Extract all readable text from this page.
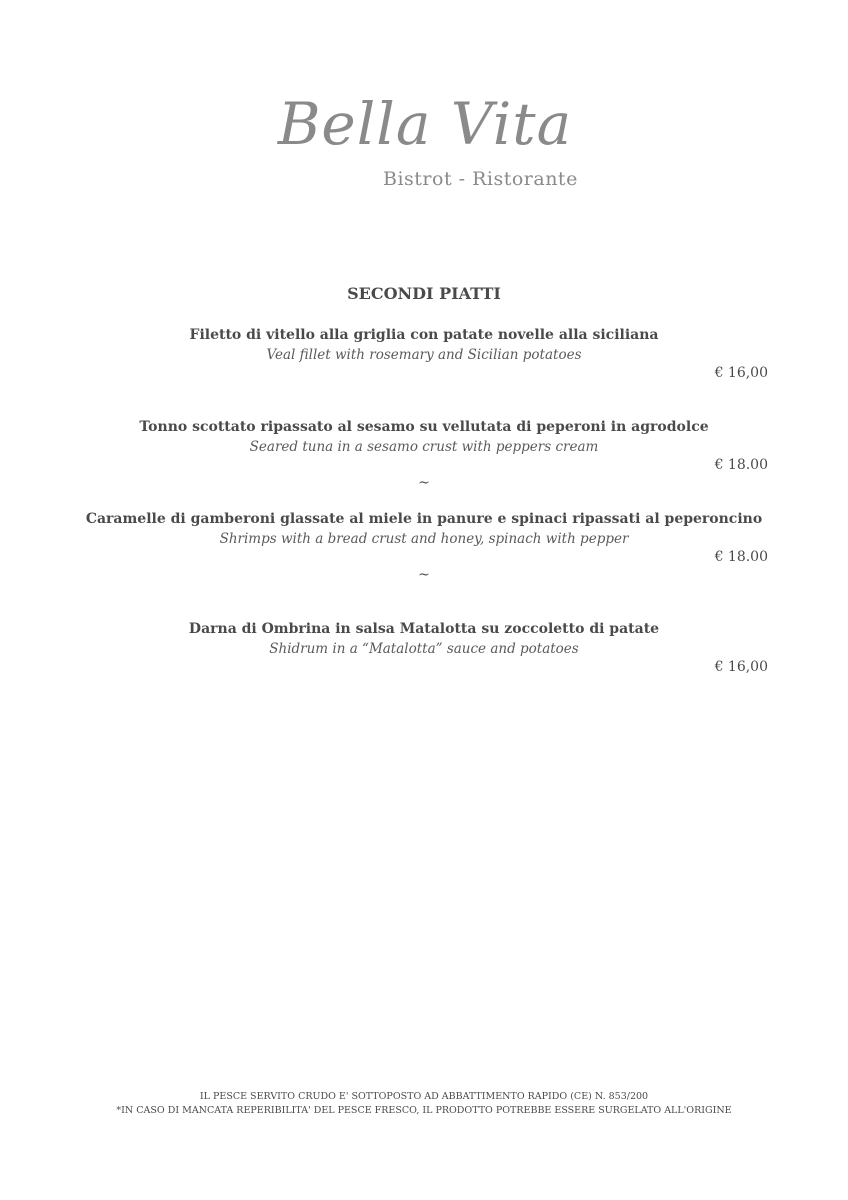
Bella Vita
Bistrot - Ristorante
SECONDI PIATTI
Filetto di vitello alla griglia con patate novelle alla siciliana
Veal fillet with rosemary and Sicilian potatoes
€ 16,00
Tonno scottato ripassato al sesamo su vellutata di peperoni in agrodolce
Seared tuna in a sesamo crust with peppers cream
€ 18.00
~
Caramelle di gamberoni glassate al miele in panure e spinaci ripassati al peperoncino
Shrimps with a bread crust and honey, spinach with pepper
€ 18.00
~
Darna di Ombrina in salsa Matalotta su zoccoletto di patate
Shidrum in a “Matalotta” sauce and potatoes
€ 16,00
IL PESCE SERVITO CRUDO E' SOTTOPOSTO AD ABBATTIMENTO RAPIDO (CE) N. 853/200
*IN CASO DI MANCATA REPERIBILITA' DEL PESCE FRESCO, IL PRODOTTO POTREBBE ESSERE SURGELATO ALL'ORIGINE
